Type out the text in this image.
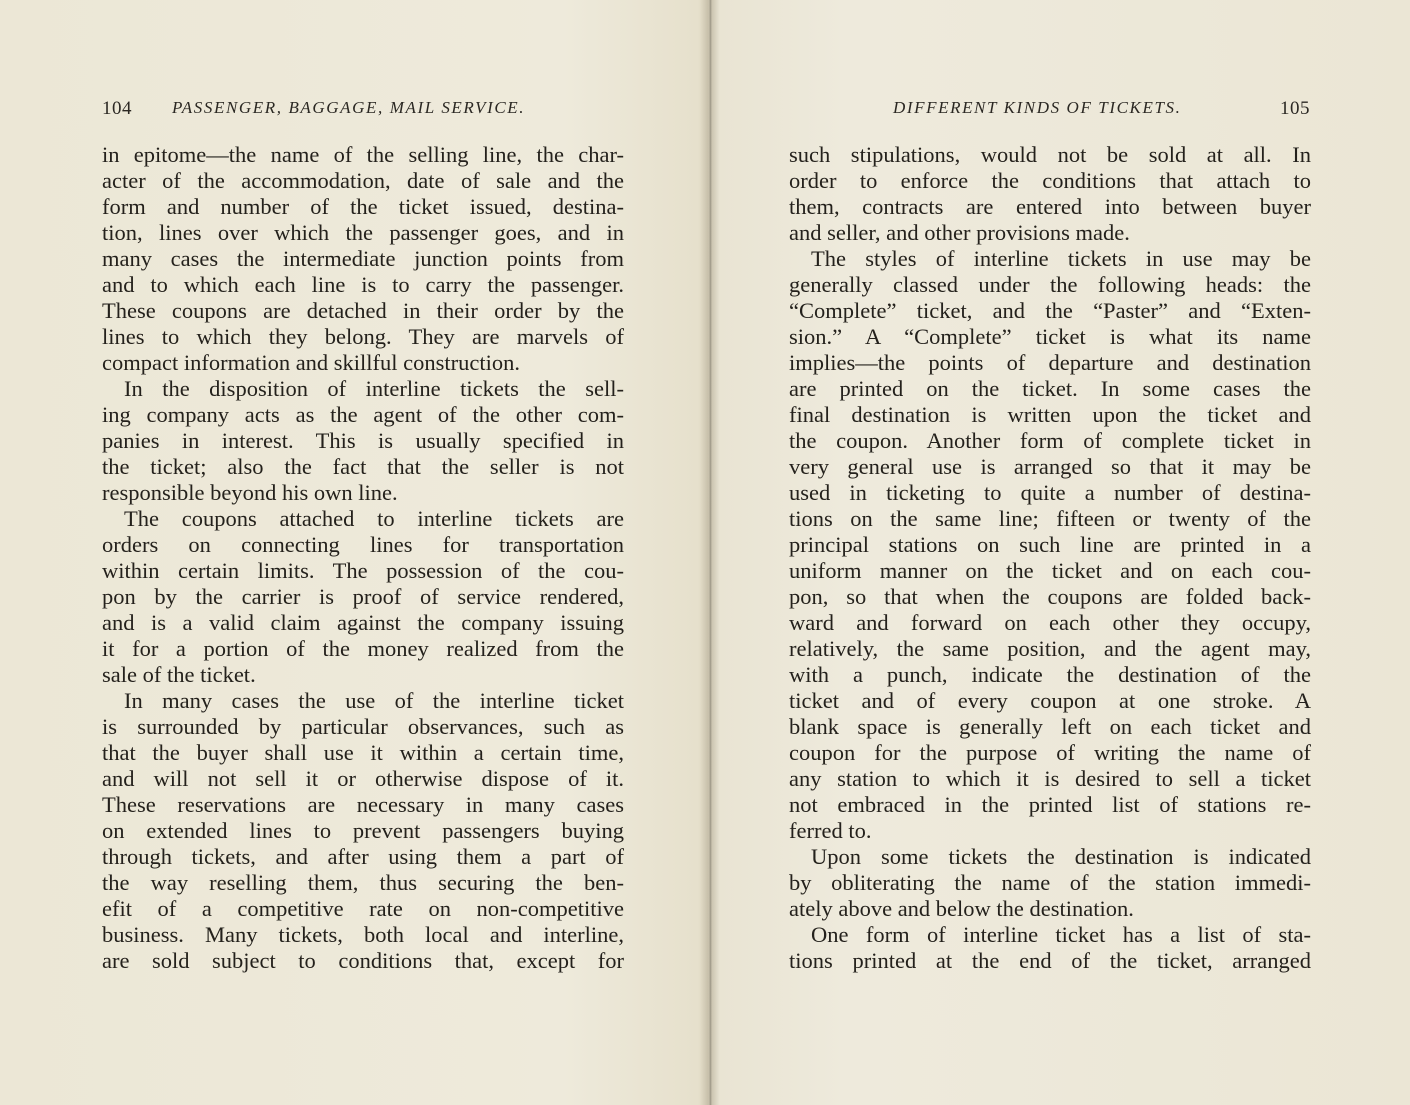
104 PASSENGER, BAGGAGE, MAIL SERVICE.
in epitome—the name of the selling line, the char-
acter of the accommodation, date of sale and the
form and number of the ticket issued, destina-
tion, lines over which the passenger goes, and in
many cases the intermediate junction points from
and to which each line is to carry the passenger.
These coupons are detached in their order by the
lines to which they belong. They are marvels of
compact information and skillful construction.
In the disposition of interline tickets the sell-
ing company acts as the agent of the other com-
panies in interest. This is usually specified in
the ticket; also the fact that the seller is not
responsible beyond his own line.
The coupons attached to interline tickets are
orders on connecting lines for transportation
within certain limits. The possession of the cou-
pon by the carrier is proof of service rendered,
and is a valid claim against the company issuing
it for a portion of the money realized from the
sale of the ticket.
In many cases the use of the interline ticket
is surrounded by particular observances, such as
that the buyer shall use it within a certain time,
and will not sell it or otherwise dispose of it.
These reservations are necessary in many cases
on extended lines to prevent passengers buying
through tickets, and after using them a part of
the way reselling them, thus securing the ben-
efit of a competitive rate on non-competitive
business. Many tickets, both local and interline,
are sold subject to conditions that, except for
DIFFERENT KINDS OF TICKETS.	105
such stipulations, would not be sold at all. In
order to enforce the conditions that attach to
them, contracts are entered into between buyer
and seller, and other provisions made.
The styles of interline tickets in use may be
generally classed under the following heads: the
“Complete” ticket, and the “Paster” and “Exten-
sion.” A “Complete” ticket is what its name
implies—the points of departure and destination
are printed on the ticket. In some cases the
final destination is written upon the ticket and
the coupon. Another form of complete ticket in
very general use is arranged so that it may be
used in ticketing to quite a number of destina-
tions on the same line; fifteen or twenty of the
principal stations on such line are printed in a
uniform manner on the ticket and on each cou-
pon, so that when the coupons are folded back-
ward and forward on each other they occupy,
relatively, the same position, and the agent may,
with a punch, indicate the destination of the
ticket and of every coupon at one stroke. A
blank space is generally left on each ticket and
coupon for the purpose of writing the name of
any station to which it is desired to sell a ticket
not embraced in the printed list of stations re-
ferred to.
Upon some tickets the destination is indicated
by obliterating the name of the station immedi-
ately above and below the destination.
One form of interline ticket has a list of sta-
tions printed at the end of the ticket, arranged
